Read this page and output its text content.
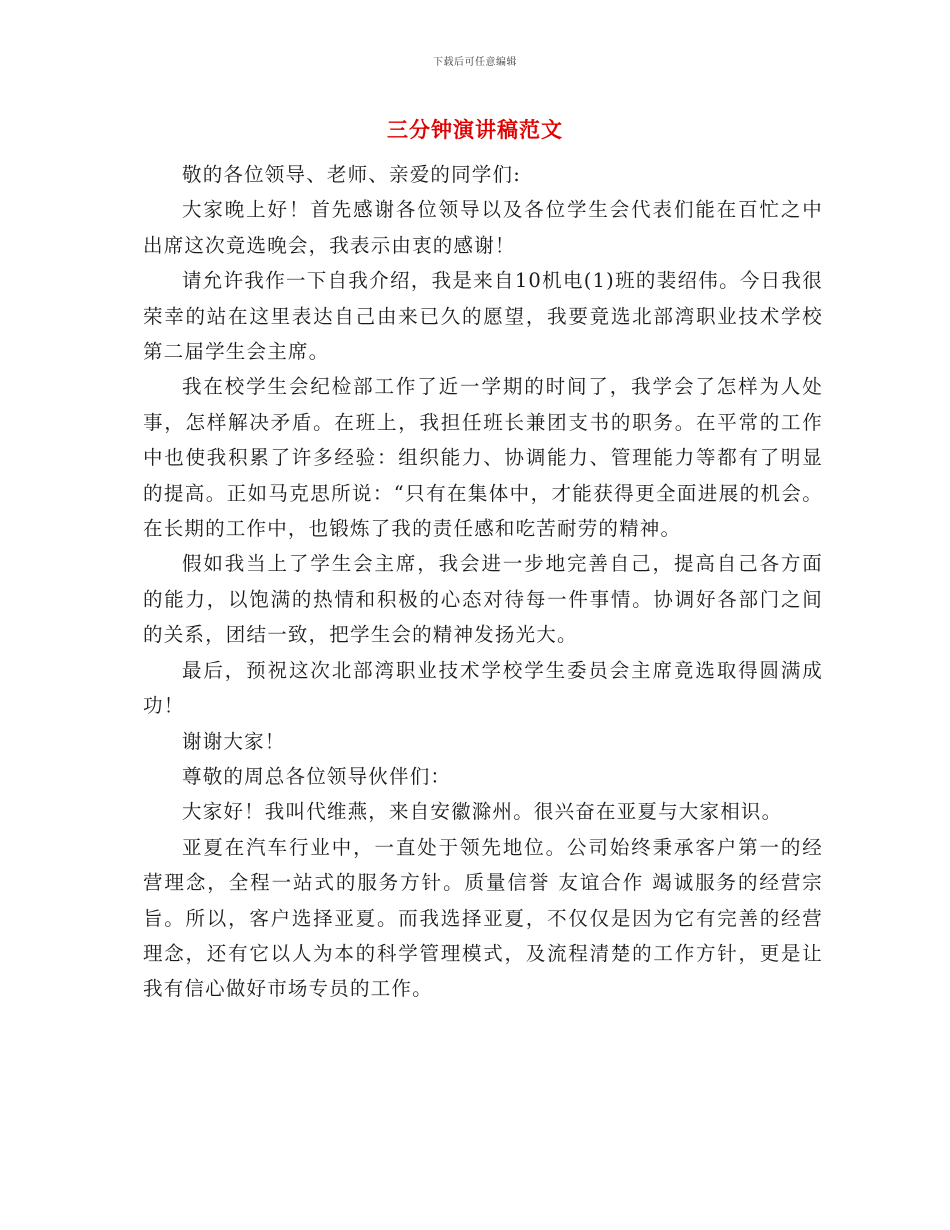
下载后可任意编辑
三分钟演讲稿范文

敬的各位领导、老师、亲爱的同学们:

大家晚上好！首先感谢各位领导以及各位学生会代表们能在百忙之中出席这次竟选晚会，我表示由衷的感谢！

请允许我作一下自我介绍，我是来自10机电(1)班的裴绍伟。今日我很荣幸的站在这里表达自己由来已久的愿望，我要竟选北部湾职业技术学校第二届学生会主席。

我在校学生会纪检部工作了近一学期的时间了，我学会了怎样为人处事，怎样解决矛盾。在班上，我担任班长兼团支书的职务。在平常的工作中也使我积累了许多经验：组织能力、协调能力、管理能力等都有了明显的提高。正如马克思所说：“只有在集体中，才能获得更全面进展的机会。在长期的工作中，也锻炼了我的责任感和吃苦耐劳的精神。

假如我当上了学生会主席，我会进一步地完善自己，提高自己各方面的能力，以饱满的热情和积极的心态对待每一件事情。协调好各部门之间的关系，团结一致，把学生会的精神发扬光大。

最后，预祝这次北部湾职业技术学校学生委员会主席竟选取得圆满成功！

谢谢大家！

尊敬的周总各位领导伙伴们：

大家好！我叫代维燕，来自安徽滁州。很兴奋在亚夏与大家相识。

亚夏在汽车行业中，一直处于领先地位。公司始终秉承客户第一的经营理念，全程一站式的服务方针。质量信誉 友谊合作 竭诚服务的经营宗旨。所以，客户选择亚夏。而我选择亚夏，不仅仅是因为它有完善的经营理念，还有它以人为本的科学管理模式，及流程清楚的工作方针，更是让我有信心做好市场专员的工作。
